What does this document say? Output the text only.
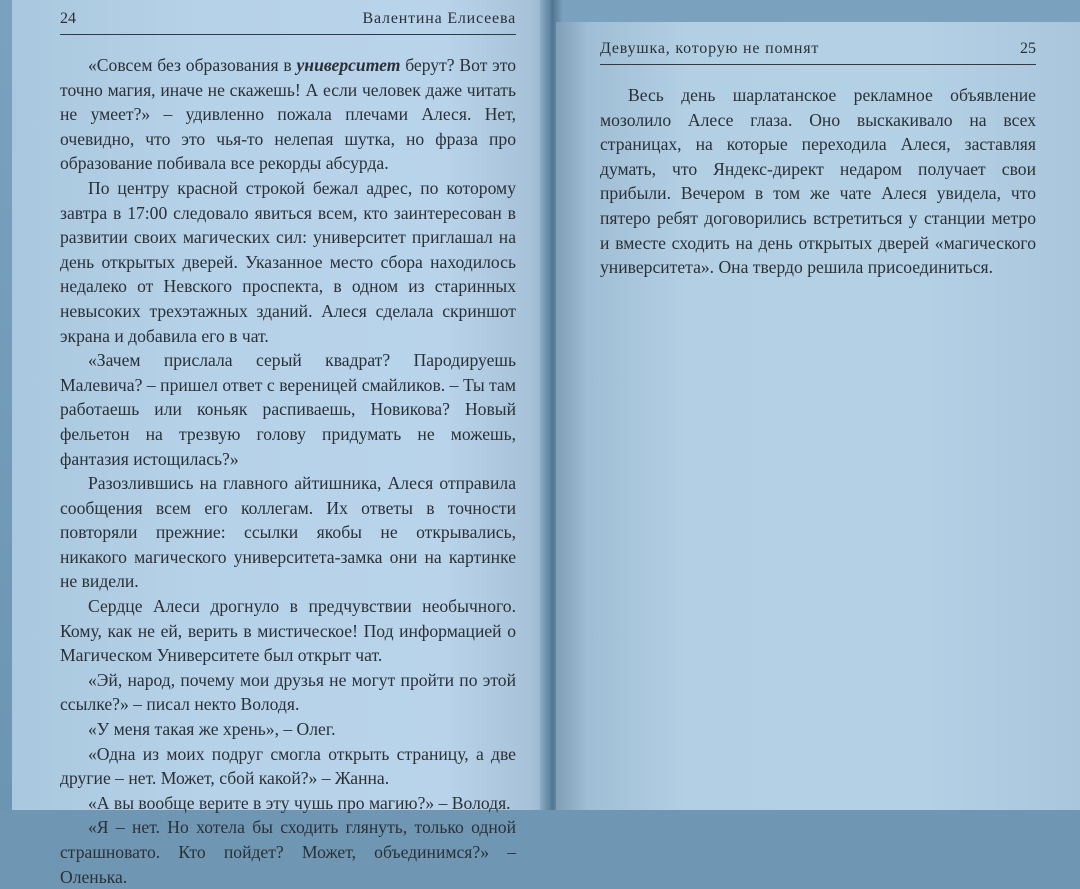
24	Валентина Елисеева

«Совсем без образования в университет берут? Вот это точно магия, иначе не скажешь! А если человек даже читать не умеет?» – удивленно пожала плечами Алеся. Нет, очевидно, что это чья-то нелепая шутка, но фраза про образование побивала все рекорды абсурда.

По центру красной строкой бежал адрес, по которому завтра в 17:00 следовало явиться всем, кто заинтересован в развитии своих магических сил: университет приглашал на день открытых дверей. Указанное место сбора находилось недалеко от Невского проспекта, в одном из старинных невысоких трехэтажных зданий. Алеся сделала скриншот экрана и добавила его в чат.

«Зачем прислала серый квадрат? Пародируешь Малевича? – пришел ответ с вереницей смайликов. – Ты там работаешь или коньяк распиваешь, Новикова? Новый фельетон на трезвую голову придумать не можешь, фантазия истощилась?»

Разозлившись на главного айтишника, Алеся отправила сообщения всем его коллегам. Их ответы в точности повторяли прежние: ссылки якобы не открывались, никакого магического университета-замка они на картинке не видели.

Сердце Алеси дрогнуло в предчувствии необычного. Кому, как не ей, верить в мистическое! Под информацией о Магическом Университете был открыт чат.

«Эй, народ, почему мои друзья не могут пройти по этой ссылке?» – писал некто Володя.

«У меня такая же хрень», – Олег.

«Одна из моих подруг смогла открыть страницу, а две другие – нет. Может, сбой какой?» – Жанна.

«А вы вообще верите в эту чушь про магию?» – Володя.

«Я – нет. Но хотела бы сходить глянуть, только одной страшновато. Кто пойдет? Может, объединимся?» – Оленька.

Девушка, которую не помнят	25

Весь день шарлатанское рекламное объявление мозолило Алесе глаза. Оно выскакивало на всех страницах, на которые переходила Алеся, заставляя думать, что Яндекс-директ недаром получает свои прибыли. Вечером в том же чате Алеся увидела, что пятеро ребят договорились встретиться у станции метро и вместе сходить на день открытых дверей «магического университета». Она твердо решила присоединиться.
